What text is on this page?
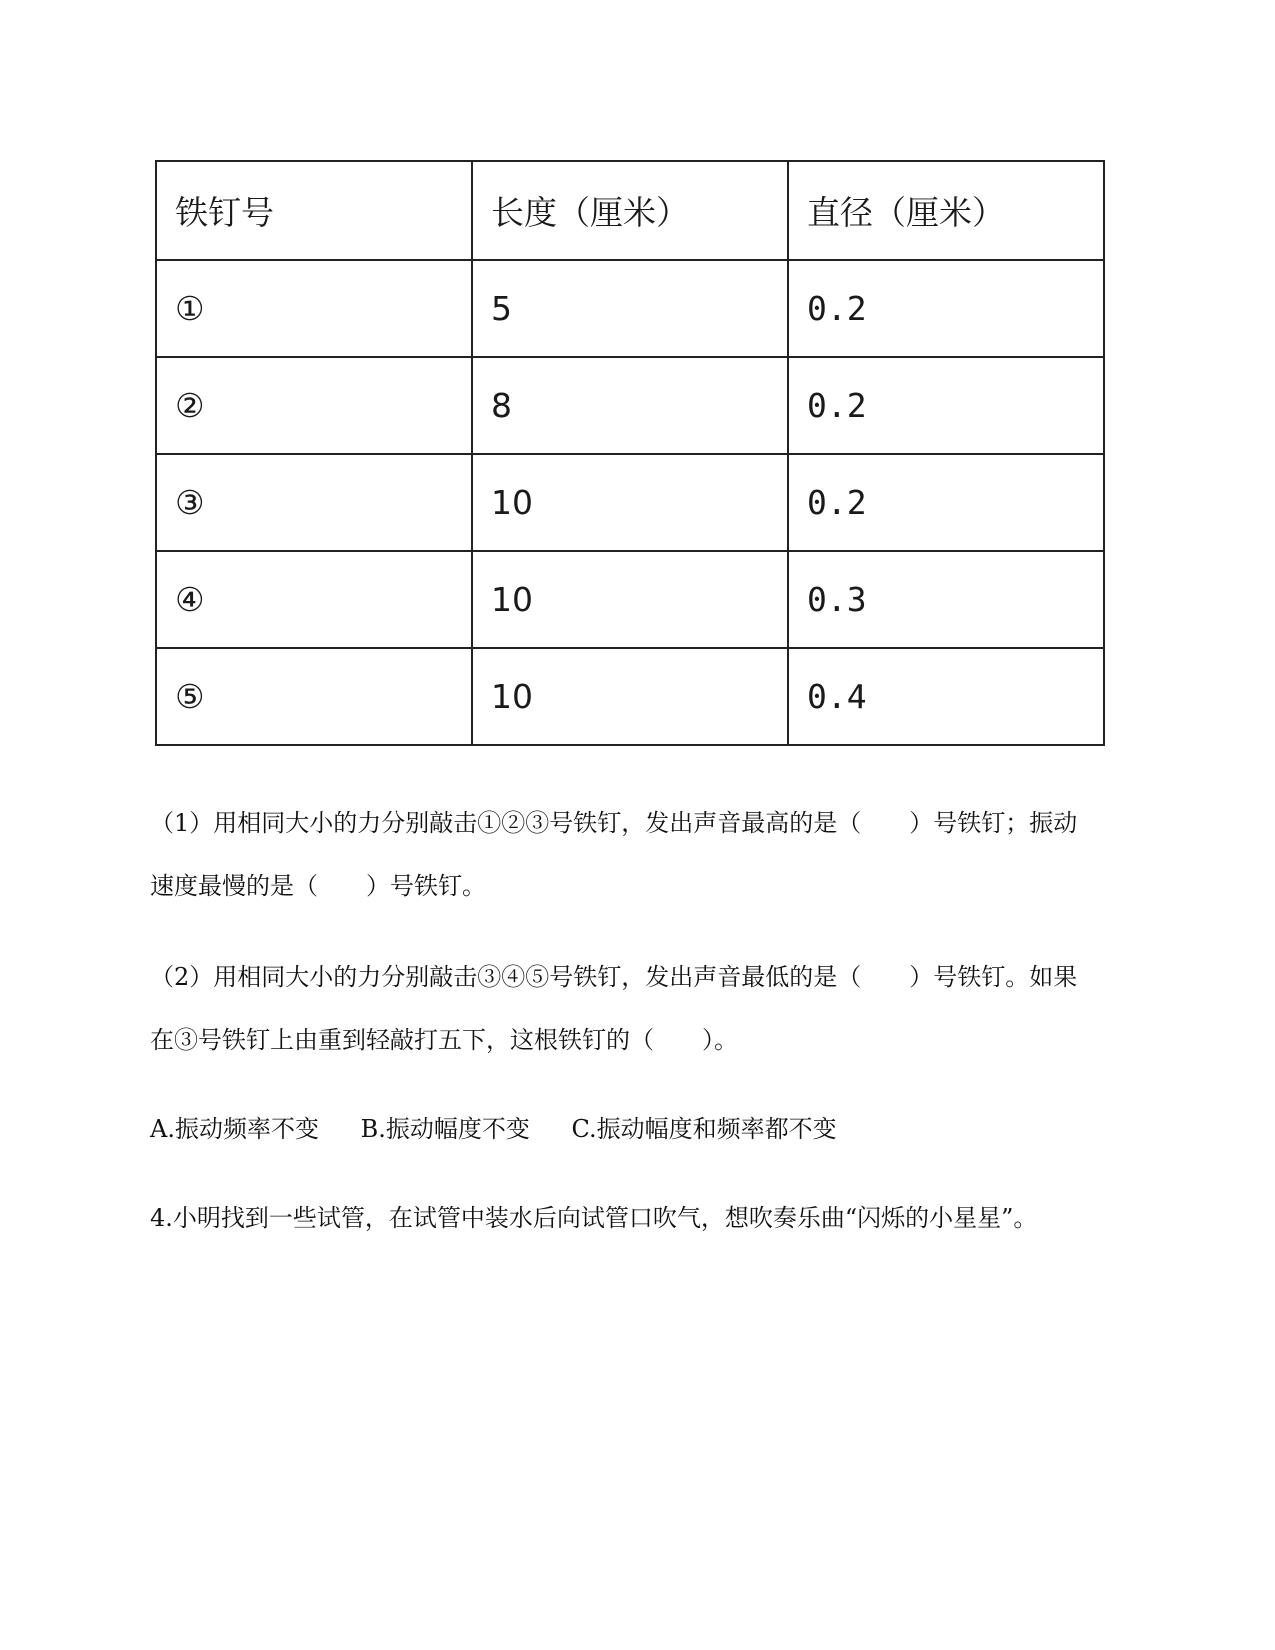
铁钉号	长度（厘米）	直径（厘米）
①	5	0.2
②	8	0.2
③	10	0.2
④	10	0.3
⑤	10	0.4
（1）用相同大小的力分别敲击①②③号铁钉，发出声音最高的是（　　）号铁钉；振动
速度最慢的是（　　）号铁钉。
（2）用相同大小的力分别敲击③④⑤号铁钉，发出声音最低的是（　　）号铁钉。如果
在③号铁钉上由重到轻敲打五下，这根铁钉的（　　）。
A.振动频率不变 B.振动幅度不变 C.振动幅度和频率都不变
4.小明找到一些试管，在试管中装水后向试管口吹气，想吹奏乐曲“闪烁的小星星”。
